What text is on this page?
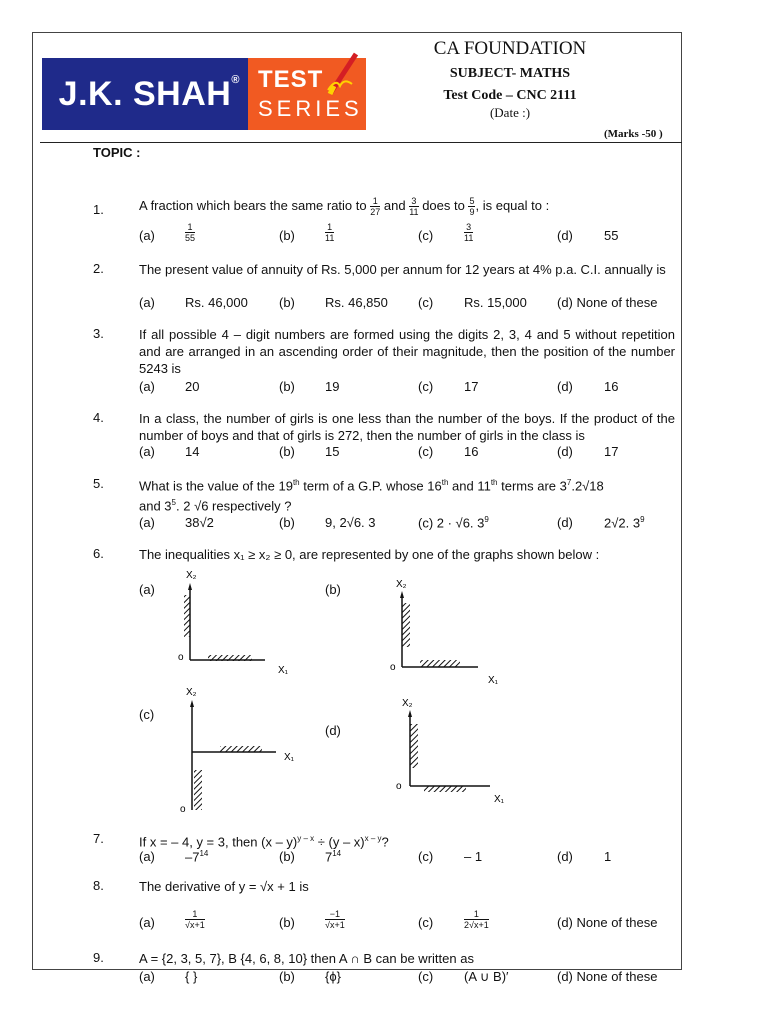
J.K. SHAH® TEST
SERIES
CA FOUNDATION
SUBJECT- MATHS
Test Code – CNC 2111
(Date :)
(Marks -50 )
TOPIC :
1.	A fraction which bears the same ratio to $\frac{1}{27}$ and $\frac{3}{11}$ does to $\frac{5}{9}$ , is equal to :
(a)	$\frac{1}{55}$	(b)	$\frac{1}{11}$	(c)	$\frac{3}{11}$	(d) 55
2.	The present value of annuity of Rs. 5,000 per annum for 12 years at 4% p.a. C.I. annually is
(a) Rs. 46,000 (b) Rs. 46,850 (c) Rs. 15,000 (d) None of these
3.	If all possible 4 – digit numbers are formed using the digits 2, 3, 4 and 5 without repetition and are arranged in an ascending order of their magnitude, then the position of the number 5243 is
(a) 20	(b) 19	(c) 17	(d) 16
4.	In a class, the number of girls is one less than the number of the boys. If the product of the number of boys and that of girls is 272, then the number of girls in the class is
(a) 14	(b) 15	(c) 16	(d) 17
5.	What is the value of the 19th term of a G.P. whose 16th and 11th terms are $3^7.2√18$
and $3^5$. 2 √6 respectively ?
(a) 38√2	(b) 9, 2√6. 3	(c) 2 · √6. $3^9$	(d) 2√2. $3^9$
6.	The inequalities x₁ ≥ x₂ ≥ 0, are represented by one of the graphs shown below :
(a)
X₂
o
X₁
(b)	X₂
o
X₁
(c)
X₂
o
X₁
(d)
X₂
o
X₁
7.	If x = – 4, y = 3, then (x – y)$^{y - x}$ ÷ (y – x)$^{x - y}$?
(a) $-7^{14}$	(b) $7^{14}$	(c) – 1	(d) 1
8.	The derivative of y = √x + 1 is
(a)	$\frac{1}{√x+1}$	(b)	$\frac{-1}{√x+1}$	(c)	$\frac{1}{2√x+1}$	(d) None of these
9.	A = {2, 3, 5, 7}, B {4, 6, 8, 10} then A ∩ B can be written as
(a) { }	(b) {ϕ}	(c) (A ∪ B)′	(d) None of these
